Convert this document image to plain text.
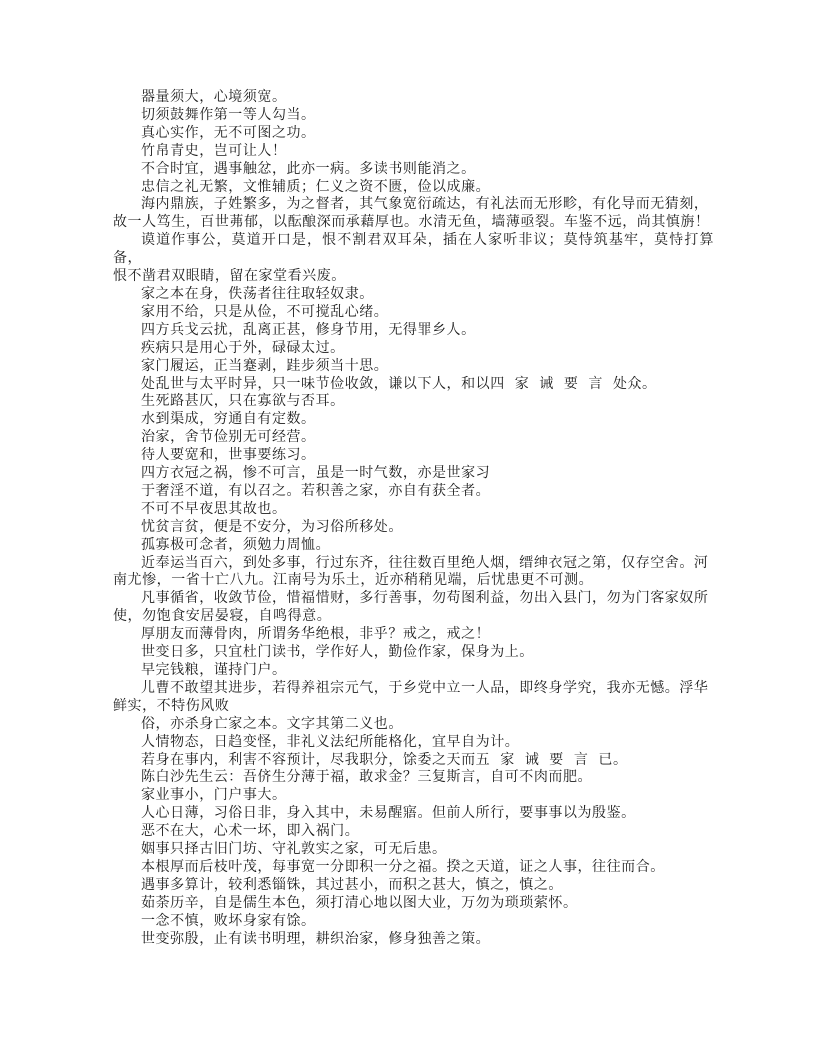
器量须大，心境须宽。
切须鼓舞作第一等人勾当。
真心实作，无不可图之功。
竹帛青史，岂可让人！
不合时宜，遇事触忿，此亦一病。多读书则能消之。
忠信之礼无繁，文惟辅质；仁义之资不匮，俭以成廉。
海内鼎族，子姓繁多，为之督者，其气象宽衍疏达，有礼法而无形畛，有化导而无猜刻，
故一人笃生，百世茀郁，以酝酿深而承藉厚也。水清无鱼，墙薄亟裂。车鉴不远，尚其慎旃！
谟道作事公，莫道开口是，恨不割君双耳朵，插在人家听非议；莫恃筑基牢，莫恃打算备，
恨不凿君双眼睛，留在家堂看兴废。
家之本在身，佚荡者往往取轻奴隶。
家用不给，只是从俭，不可搅乱心绪。
四方兵戈云扰，乱离正甚，修身节用，无得罪乡人。
疾病只是用心于外，碌碌太过。
家门履运，正当蹇剥，跬步须当十思。
处乱世与太平时异，只一味节俭收敛，谦以下人，和以四  家  诫  要  言  处众。
生死路甚仄，只在寡欲与否耳。
水到渠成，穷通自有定数。
治家，舍节俭别无可经营。
待人要宽和，世事要练习。
四方衣冠之祸，惨不可言，虽是一时气数，亦是世家习
于奢淫不道，有以召之。若积善之家，亦自有获全者。
不可不早夜思其故也。
忧贫言贫，便是不安分，为习俗所移处。
孤寡极可念者，须勉力周恤。
近奉运当百六，到处多事，行过东齐，往往数百里绝人烟，缙绅衣冠之第，仅存空舍。河
南尤惨，一省十亡八九。江南号为乐土，近亦稍稍见端，后忧患更不可测。
凡事循省，收敛节俭，惜福惜财，多行善事，勿苟图利益，勿出入县门，勿为门客家奴所
使，勿饱食安居晏寝，自鸣得意。
厚朋友而薄骨肉，所谓务华绝根，非乎？戒之，戒之！
世变日多，只宜杜门读书，学作好人，勤俭作家，保身为上。
早完钱粮，谨持门户。
儿曹不敢望其进步，若得养祖宗元气，于乡党中立一人品，即终身学究，我亦无憾。浮华
鲜实，不特伤风败
俗，亦杀身亡家之本。文字其第二义也。
人情物态，日趋变怪，非礼义法纪所能格化，宜早自为计。
若身在事内，利害不容预计，尽我职分，馀委之天而五  家  诫  要  言  已。
陈白沙先生云：吾侪生分薄于福，敢求金？三复斯言，自可不肉而肥。
家业事小，门户事大。
人心日薄，习俗日非，身入其中，未易醒寤。但前人所行，要事事以为殷鉴。
恶不在大，心术一坏，即入祸门。
姻事只择古旧门坊、守礼敦实之家，可无后患。
本根厚而后枝叶茂，每事宽一分即积一分之福。揆之天道，证之人事，往往而合。
遇事多算计，较利悉锱铢，其过甚小，而积之甚大，慎之，慎之。
茹荼历辛，自是儒生本色，须打清心地以图大业，万勿为琐琐萦怀。
一念不慎，败坏身家有馀。
世变弥殷，止有读书明理，耕织治家，修身独善之策。
